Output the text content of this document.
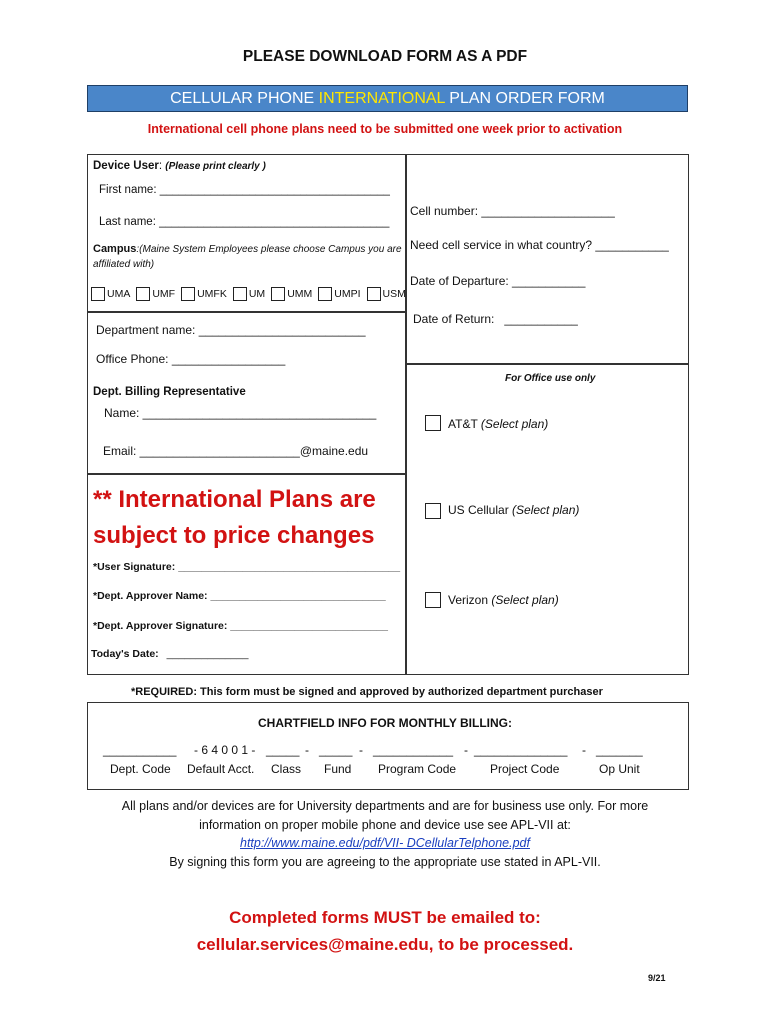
PLEASE DOWNLOAD FORM AS A PDF
CELLULAR PHONE INTERNATIONAL PLAN ORDER FORM
International cell phone plans need to be submitted one week prior to activation
Device User: (Please print clearly )
First name: ____________________________________
Last name: ____________________________________
Campus:(Maine System Employees please choose Campus you are
affiliated with)
UMA UMF UMFK UM UMM UMPI USM
Department name: _________________________
Office Phone: _________________
Dept. Billing Representative
Name: ___________________________________
Email: ________________________@maine.edu
Cell number: ____________________
Need cell service in what country? ___________
Date of Departure: ___________
Date of Return: ___________
For Office use only
AT&T (Select plan)
US Cellular (Select plan)
Verizon (Select plan)
** International Plans are
subject to price changes
*User Signature: ______________________________________
*Dept. Approver Name: ______________________________
*Dept. Approver Signature: ___________________________
Today's Date: ______________
*REQUIRED: This form must be signed and approved by authorized department purchaser
CHARTFIELD INFO FOR MONTHLY BILLING:
___________ - 6 4 0 0 1 - _____ - _____ - ____________ - ______________ - _______
Dept. Code Default Acct. Class Fund Program Code	Project Code	Op Unit
All plans and/or devices are for University departments and are for business use only. For more
information on proper mobile phone and device use see APL-VII at:
http://www.maine.edu/pdf/VII- DCellularTelphone.pdf
By signing this form you are agreeing to the appropriate use stated in APL-VII.
Completed forms MUST be emailed to:
cellular.services@maine.edu, to be processed.
9/21
